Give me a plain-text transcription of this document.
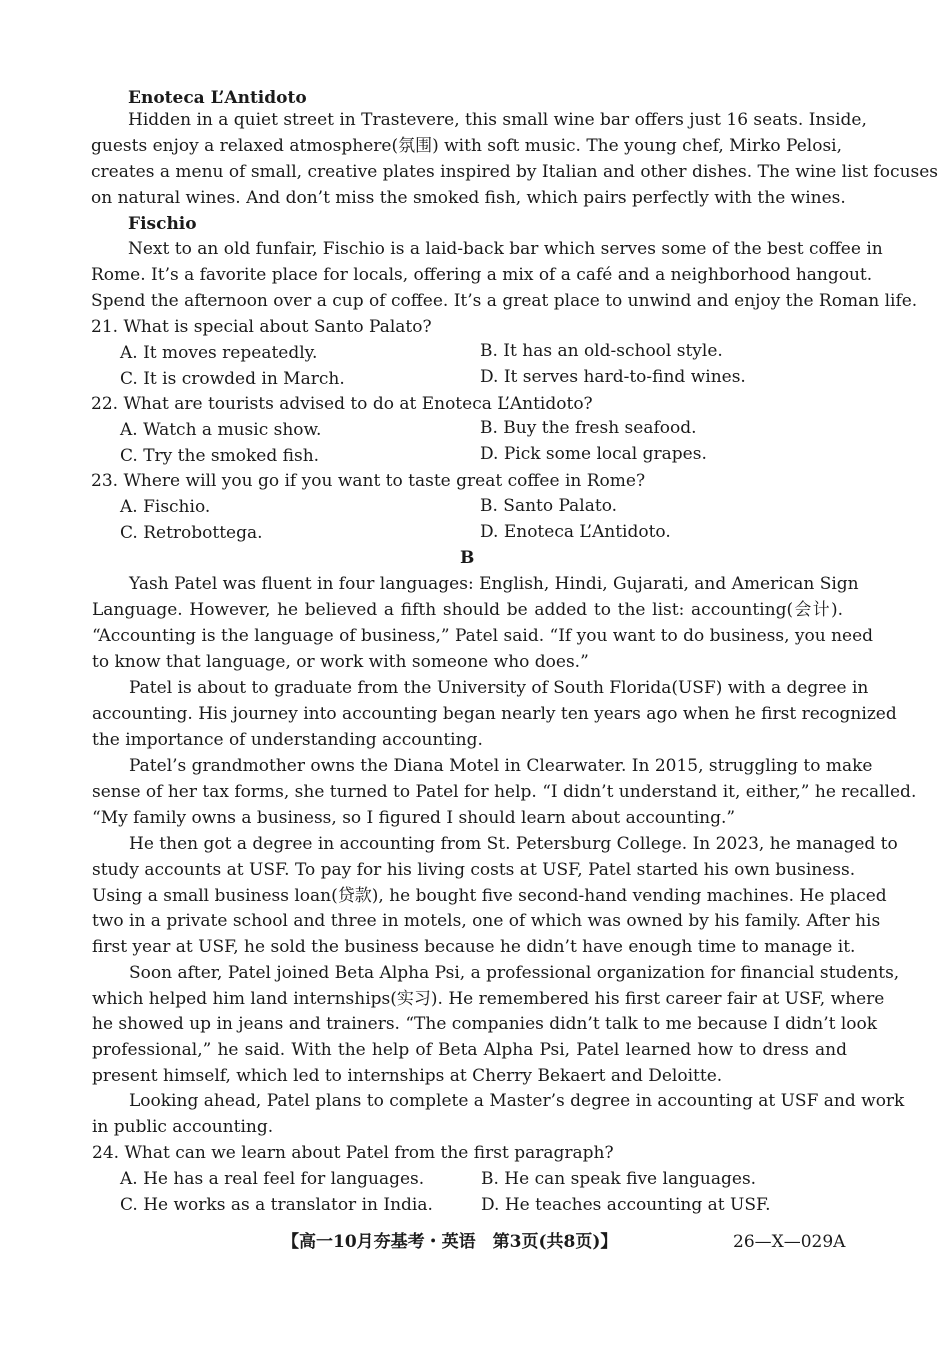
Enoteca L’Antidoto
Hidden in a quiet street in Trastevere, this small wine bar offers just 16 seats. Inside,
guests enjoy a relaxed atmosphere(氛围) with soft music. The young chef, Mirko Pelosi,
creates a menu of small, creative plates inspired by Italian and other dishes. The wine list focuses
on natural wines. And don’t miss the smoked fish, which pairs perfectly with the wines.
Fischio
Next to an old funfair, Fischio is a laid-back bar which serves some of the best coffee in
Rome. It’s a favorite place for locals, offering a mix of a café and a neighborhood hangout.
Spend the afternoon over a cup of coffee. It’s a great place to unwind and enjoy the Roman life.
21. What is special about Santo Palato?
A. It moves repeatedly.	B. It has an old-school style.
C. It is crowded in March.	D. It serves hard-to-find wines.
22. What are tourists advised to do at Enoteca L’Antidoto?
A. Watch a music show.	B. Buy the fresh seafood.
C. Try the smoked fish.	D. Pick some local grapes.
23. Where will you go if you want to taste great coffee in Rome?
A. Fischio.	B. Santo Palato.
C. Retrobottega.	D. Enoteca L’Antidoto.
B
Yash Patel was fluent in four languages: English, Hindi, Gujarati, and American Sign
Language. However, he believed a fifth should be added to the list: accounting(会计).
“Accounting is the language of business,” Patel said. “If you want to do business, you need
to know that language, or work with someone who does.”
Patel is about to graduate from the University of South Florida(USF) with a degree in
accounting. His journey into accounting began nearly ten years ago when he first recognized
the importance of understanding accounting.
Patel’s grandmother owns the Diana Motel in Clearwater. In 2015, struggling to make
sense of her tax forms, she turned to Patel for help. “I didn’t understand it, either,” he recalled.
“My family owns a business, so I figured I should learn about accounting.”
He then got a degree in accounting from St. Petersburg College. In 2023, he managed to
study accounts at USF. To pay for his living costs at USF, Patel started his own business.
Using a small business loan(贷款), he bought five second-hand vending machines. He placed
two in a private school and three in motels, one of which was owned by his family. After his
first year at USF, he sold the business because he didn’t have enough time to manage it.
Soon after, Patel joined Beta Alpha Psi, a professional organization for financial students,
which helped him land internships(实习). He remembered his first career fair at USF, where
he showed up in jeans and trainers. “The companies didn’t talk to me because I didn’t look
professional,” he said. With the help of Beta Alpha Psi, Patel learned how to dress and
present himself, which led to internships at Cherry Bekaert and Deloitte.
Looking ahead, Patel plans to complete a Master’s degree in accounting at USF and work
in public accounting.
24. What can we learn about Patel from the first paragraph?
A. He has a real feel for languages.	B. He can speak five languages.
C. He works as a translator in India.	D. He teaches accounting at USF.
【高一10月夯基考・英语　第3页(共8页)】	26—X—029A
